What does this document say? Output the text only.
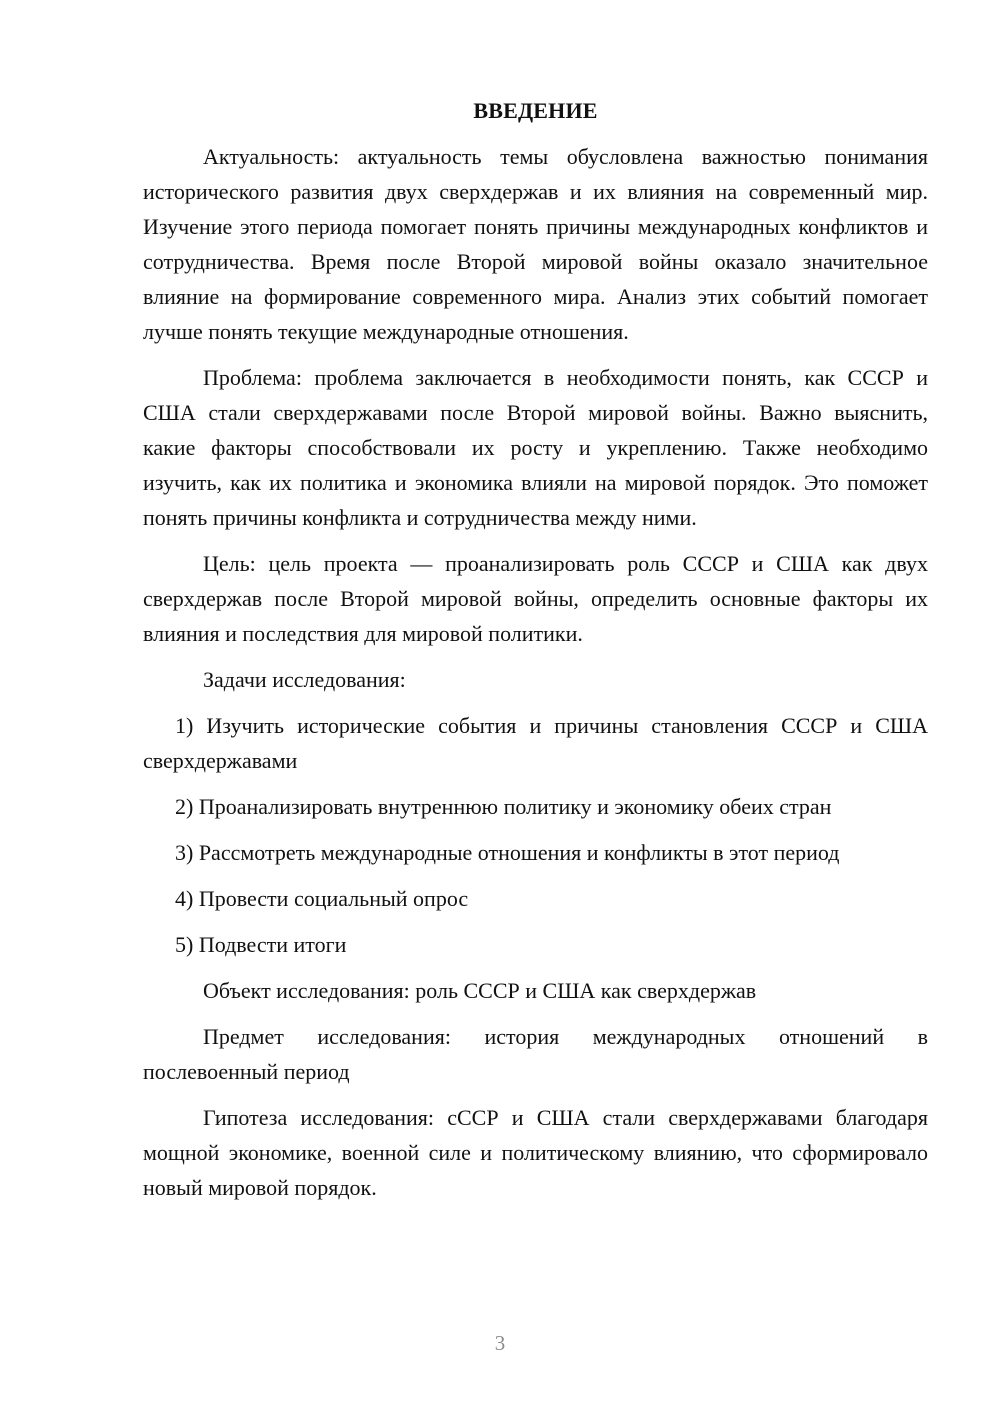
ВВЕДЕНИЕ

Актуальность: актуальность темы обусловлена важностью понимания исторического развития двух сверхдержав и их влияния на современный мир. Изучение этого периода помогает понять причины международных конфликтов и сотрудничества. Время после Второй мировой войны оказало значительное влияние на формирование современного мира. Анализ этих событий помогает лучше понять текущие международные отношения.

Проблема: проблема заключается в необходимости понять, как СССР и США стали сверхдержавами после Второй мировой войны. Важно выяснить, какие факторы способствовали их росту и укреплению. Также необходимо изучить, как их политика и экономика влияли на мировой порядок. Это поможет понять причины конфликта и сотрудничества между ними.

Цель: цель проекта — проанализировать роль СССР и США как двух сверхдержав после Второй мировой войны, определить основные факторы их влияния и последствия для мировой политики.

Задачи исследования:

1) Изучить исторические события и причины становления СССР и США сверхдержавами

2) Проанализировать внутреннюю политику и экономику обеих стран

3) Рассмотреть международные отношения и конфликты в этот период

4) Провести социальный опрос

5) Подвести итоги

Объект исследования: роль СССР и США как сверхдержав

Предмет исследования: история международных отношений в послевоенный период

Гипотеза исследования: сССР и США стали сверхдержавами благодаря мощной экономике, военной силе и политическому влиянию, что сформировало новый мировой порядок.

3
